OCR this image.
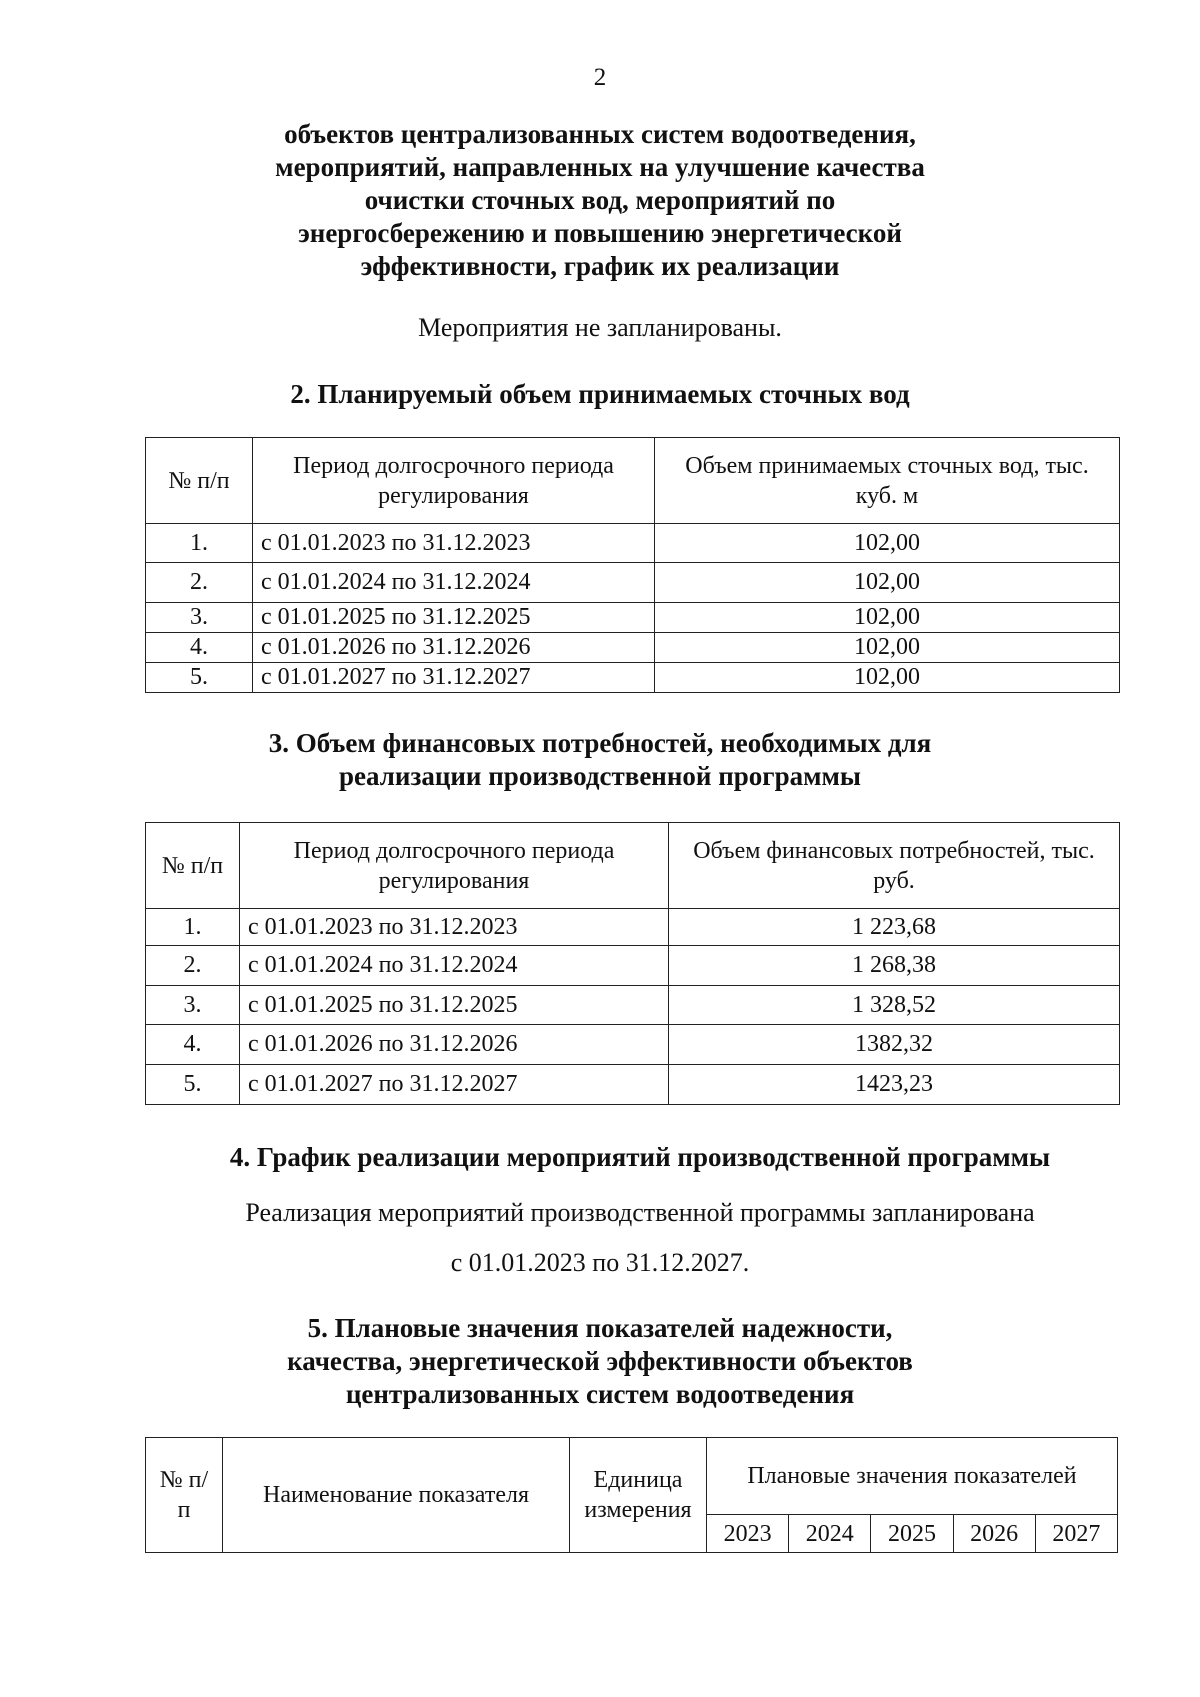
2
объектов централизованных систем водоотведения,
мероприятий, направленных на улучшение качества
очистки сточных вод, мероприятий по
энергосбережению и повышению энергетической
эффективности, график их реализации
Мероприятия не запланированы.
2. Планируемый объем принимаемых сточных вод
№ п/п	Период долгосрочного периода регулирования	Объем принимаемых сточных вод, тыс. куб. м
1.	с 01.01.2023 по 31.12.2023	102,00
2.	с 01.01.2024 по 31.12.2024	102,00
3.	с 01.01.2025 по 31.12.2025	102,00
4.	с 01.01.2026 по 31.12.2026	102,00
5.	с 01.01.2027 по 31.12.2027	102,00
3. Объем финансовых потребностей, необходимых для
реализации производственной программы
№ п/п	Период долгосрочного периода регулирования	Объем финансовых потребностей, тыс. руб.
1.	с 01.01.2023 по 31.12.2023	1 223,68
2.	с 01.01.2024 по 31.12.2024	1 268,38
3.	с 01.01.2025 по 31.12.2025	1 328,52
4.	с 01.01.2026 по 31.12.2026	1382,32
5.	с 01.01.2027 по 31.12.2027	1423,23
4. График реализации мероприятий производственной программы
Реализация мероприятий производственной программы запланирована
с 01.01.2023 по 31.12.2027.
5. Плановые значения показателей надежности,
качества, энергетической эффективности объектов
централизованных систем водоотведения
№ п/п	Наименование показателя	Единица измерения	Плановые значения показателей				
			2023	2024	2025	2026	2027
